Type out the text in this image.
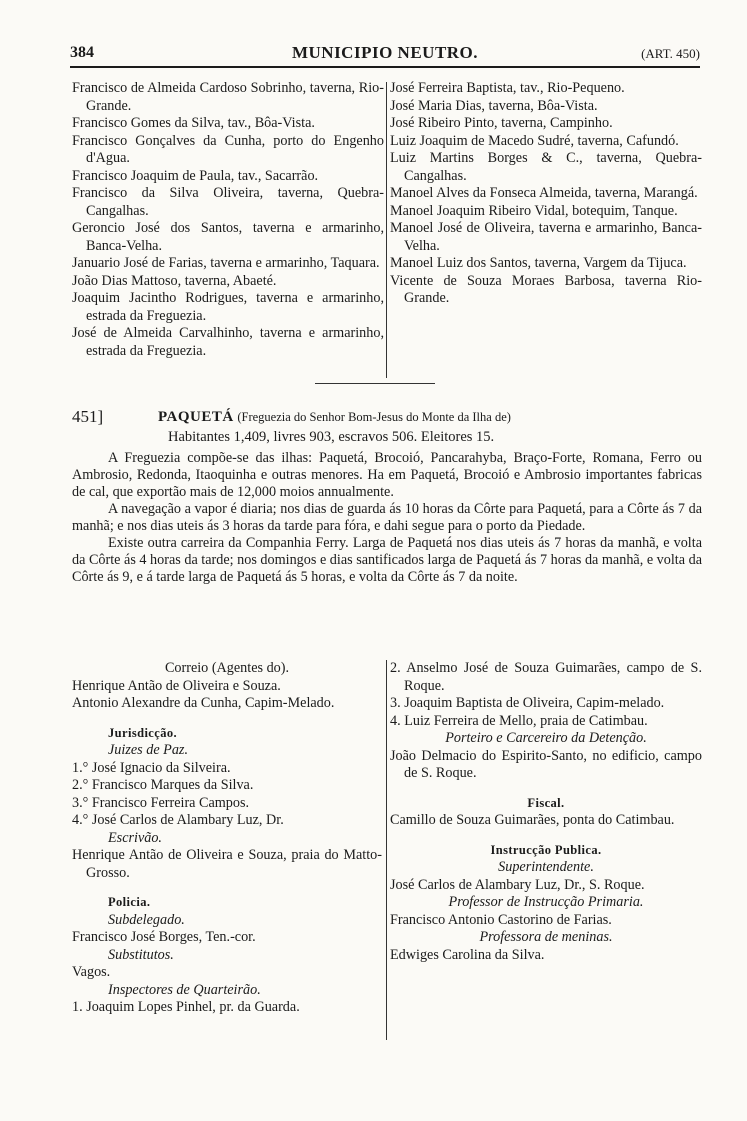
384	MUNICIPIO NEUTRO.	(ART. 450)

Francisco de Almeida Cardoso Sobrinho, taverna, Rio-Grande.

Francisco Gomes da Silva, tav., Bôa-Vista.

Francisco Gonçalves da Cunha, porto do Engenho d'Agua.

Francisco Joaquim de Paula, tav., Sacarrão.

Francisco da Silva Oliveira, taverna, Quebra-Cangalhas.

Geroncio José dos Santos, taverna e armarinho, Banca-Velha.

Januario José de Farias, taverna e armarinho, Taquara.

João Dias Mattoso, taverna, Abaeté.

Joaquim Jacintho Rodrigues, taverna e armarinho, estrada da Freguezia.

José de Almeida Carvalhinho, taverna e armarinho, estrada da Freguezia.

José Ferreira Baptista, tav., Rio-Pequeno.

José Maria Dias, taverna, Bôa-Vista.

José Ribeiro Pinto, taverna, Campinho.

Luiz Joaquim de Macedo Sudré, taverna, Cafundó.

Luiz Martins Borges & C., taverna, Quebra-Cangalhas.

Manoel Alves da Fonseca Almeida, taverna, Marangá.

Manoel Joaquim Ribeiro Vidal, botequim, Tanque.

Manoel José de Oliveira, taverna e armarinho, Banca-Velha.

Manoel Luiz dos Santos, taverna, Vargem da Tijuca.

Vicente de Souza Moraes Barbosa, taverna Rio-Grande.

451]	PAQUETÁ (Freguezia do Senhor Bom-Jesus do Monte da Ilha de)
Habitantes 1,409, livres 903, escravos 506. Eleitores 15.

A Freguezia compõe-se das ilhas: Paquetá, Brocoió, Pancarahyba, Braço-Forte, Romana, Ferro ou Ambrosio, Redonda, Itaoquinha e outras menores. Ha em Paquetá, Brocoió e Ambrosio importantes fabricas de cal, que exportão mais de 12,000 moios annualmente.

A navegação a vapor é diaria; nos dias de guarda ás 10 horas da Côrte para Paquetá, para a Côrte ás 7 da manhã; e nos dias uteis ás 3 horas da tarde para fóra, e dahi segue para o porto da Piedade.

Existe outra carreira da Companhia Ferry. Larga de Paquetá nos dias uteis ás 7 horas da manhã, e volta da Côrte ás 4 horas da tarde; nos domingos e dias santificados larga de Paquetá ás 7 horas da manhã, e volta da Côrte ás 9, e á tarde larga de Paquetá ás 5 horas, e volta da Côrte ás 7 da noite.

Correio (Agentes do).

Henrique Antão de Oliveira e Souza.

Antonio Alexandre da Cunha, Capim-Melado.

Jurisdicção.
Juizes de Paz.

1.° José Ignacio da Silveira.

2.° Francisco Marques da Silva.

3.° Francisco Ferreira Campos.

4.° José Carlos de Alambary Luz, Dr.

Escrivão.

Henrique Antão de Oliveira e Souza, praia do Matto-Grosso.

Policia.
Subdelegado.

Francisco José Borges, Ten.-cor.

Substitutos.

Vagos.

Inspectores de Quarteirão.

1. Joaquim Lopes Pinhel, pr. da Guarda.

2. Anselmo José de Souza Guimarães, campo de S. Roque.

3. Joaquim Baptista de Oliveira, Capim-melado.

4. Luiz Ferreira de Mello, praia de Catimbau.

Porteiro e Carcereiro da Detenção.

João Delmacio do Espirito-Santo, no edificio, campo de S. Roque.

Fiscal.

Camillo de Souza Guimarães, ponta do Catimbau.

Instrucção Publica.
Superintendente.

José Carlos de Alambary Luz, Dr., S. Roque.

Professor de Instrucção Primaria.

Francisco Antonio Castorino de Farias.

Professora de meninas.

Edwiges Carolina da Silva.
